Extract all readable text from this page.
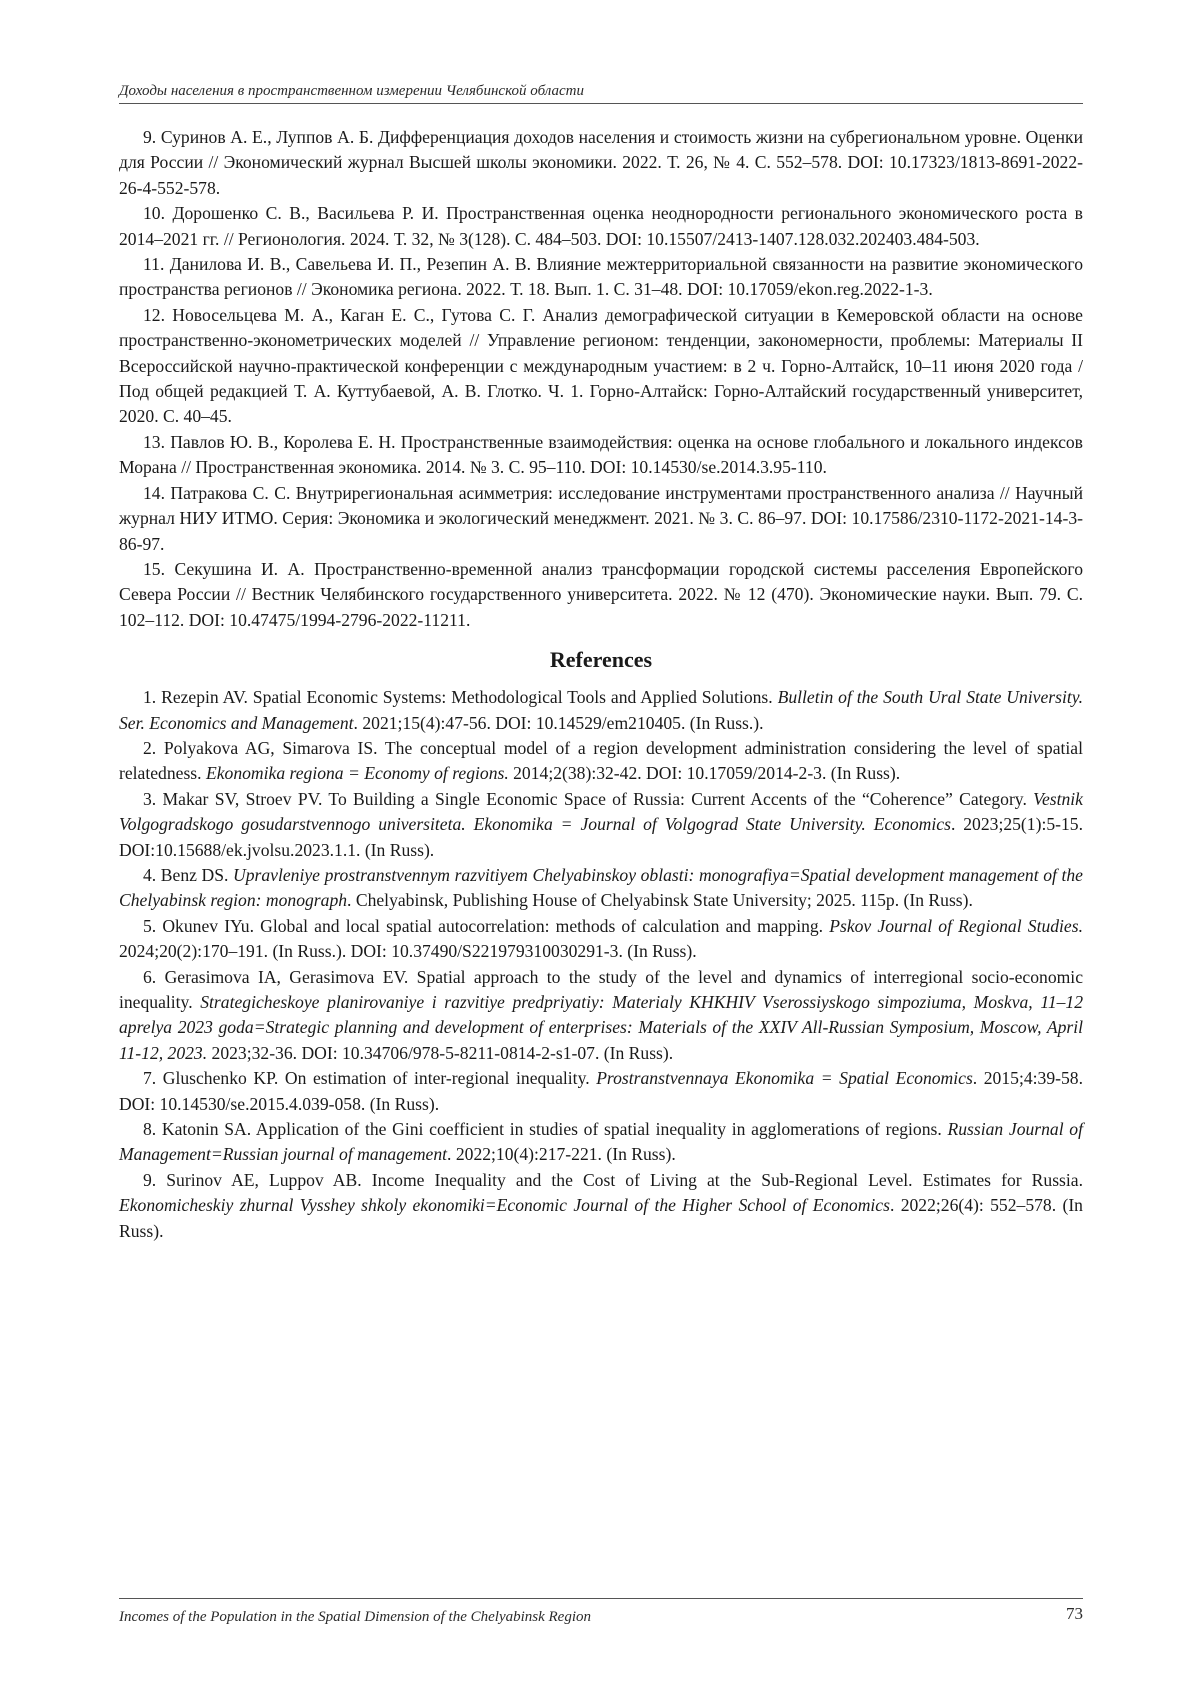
Доходы населения в пространственном измерении Челябинской области

9. Суринов А. Е., Луппов А. Б. Дифференциация доходов населения и стоимость жизни на субрегиональном уровне. Оценки для России // Экономический журнал Высшей школы экономики. 2022. Т. 26, № 4. С. 552–578. DOI: 10.17323/1813-8691-2022-26-4-552-578.

10. Дорошенко С. В., Васильева Р. И. Пространственная оценка неоднородности регионального экономического роста в 2014–2021 гг. // Регионология. 2024. Т. 32, № 3(128). С. 484–503. DOI: 10.15507/2413-1407.128.032.202403.484-503.

11. Данилова И. В., Савельева И. П., Резепин А. В. Влияние межтерриториальной связанности на развитие экономического пространства регионов // Экономика региона. 2022. Т. 18. Вып. 1. С. 31–48. DOI: 10.17059/ekon.reg.2022-1-3.

12. Новосельцева М. А., Каган Е. С., Гутова С. Г. Анализ демографической ситуации в Кемеровской области на основе пространственно-эконометрических моделей // Управление регионом: тенденции, закономерности, проблемы: Материалы II Всероссийской научно-практической конференции с международным участием: в 2 ч. Горно-Алтайск, 10–11 июня 2020 года / Под общей редакцией Т. А. Куттубаевой, А. В. Глотко. Ч. 1. Горно-Алтайск: Горно-Алтайский государственный университет, 2020. С. 40–45.

13. Павлов Ю. В., Королева Е. Н. Пространственные взаимодействия: оценка на основе глобального и локального индексов Морана // Пространственная экономика. 2014. № 3. С. 95–110. DOI: 10.14530/se.2014.3.95-110.

14. Патракова С. С. Внутрирегиональная асимметрия: исследование инструментами пространственного анализа // Научный журнал НИУ ИТМО. Серия: Экономика и экологический менеджмент. 2021. № 3. С. 86–97. DOI: 10.17586/2310-1172-2021-14-3-86-97.

15. Секушина И. А. Пространственно-временной анализ трансформации городской системы расселения Европейского Севера России // Вестник Челябинского государственного университета. 2022. № 12 (470). Экономические науки. Вып. 79. С. 102–112. DOI: 10.47475/1994-2796-2022-11211.

References

1. Rezepin AV. Spatial Economic Systems: Methodological Tools and Applied Solutions. Bulletin of the South Ural State University. Ser. Economics and Management. 2021;15(4):47-56. DOI: 10.14529/em210405. (In Russ.).

2. Polyakova AG, Simarova IS. The conceptual model of a region development administration considering the level of spatial relatedness. Ekonomika regiona = Economy of regions. 2014;2(38):32-42. DOI: 10.17059/2014-2-3. (In Russ).

3. Makar SV, Stroev PV. To Building a Single Economic Space of Russia: Current Accents of the “Coherence” Category. Vestnik Volgogradskogo gosudarstvennogo universiteta. Ekonomika = Journal of Volgograd State University. Economics. 2023;25(1):5-15. DOI:10.15688/ek.jvolsu.2023.1.1. (In Russ).

4. Benz DS. Upravleniye prostranstvennym razvitiyem Chelyabinskoy oblasti: monografiya=Spatial development management of the Chelyabinsk region: monograph. Chelyabinsk, Publishing House of Chelyabinsk State University; 2025. 115p. (In Russ).

5. Okunev IYu. Global and local spatial autocorrelation: methods of calculation and mapping. Pskov Journal of Regional Studies. 2024;20(2):170–191. (In Russ.). DOI: 10.37490/S221979310030291-3. (In Russ).

6. Gerasimova IA, Gerasimova EV. Spatial approach to the study of the level and dynamics of interregional socio-economic inequality. Strategicheskoye planirovaniye i razvitiye predpriyatiy: Materialy KHKHIV Vserossiyskogo simpoziuma, Moskva, 11–12 aprelya 2023 goda=Strategic planning and development of enterprises: Materials of the XXIV All-Russian Symposium, Moscow, April 11-12, 2023. 2023;32-36. DOI: 10.34706/978-5-8211-0814-2-s1-07. (In Russ).

7. Gluschenko KP. On estimation of inter-regional inequality. Prostranstvennaya Ekonomika = Spatial Economics. 2015;4:39-58. DOI: 10.14530/se.2015.4.039-058. (In Russ).

8. Katonin SA. Application of the Gini coefficient in studies of spatial inequality in agglomerations of regions. Russian Journal of Management=Russian journal of management. 2022;10(4):217-221. (In Russ).

9. Surinov AE, Luppov AB. Income Inequality and the Cost of Living at the Sub-Regional Level. Estimates for Russia. Ekonomicheskiy zhurnal Vysshey shkoly ekonomiki=Economic Journal of the Higher School of Economics. 2022;26(4): 552–578. (In Russ).

Incomes of the Population in the Spatial Dimension of the Chelyabinsk Region	73
